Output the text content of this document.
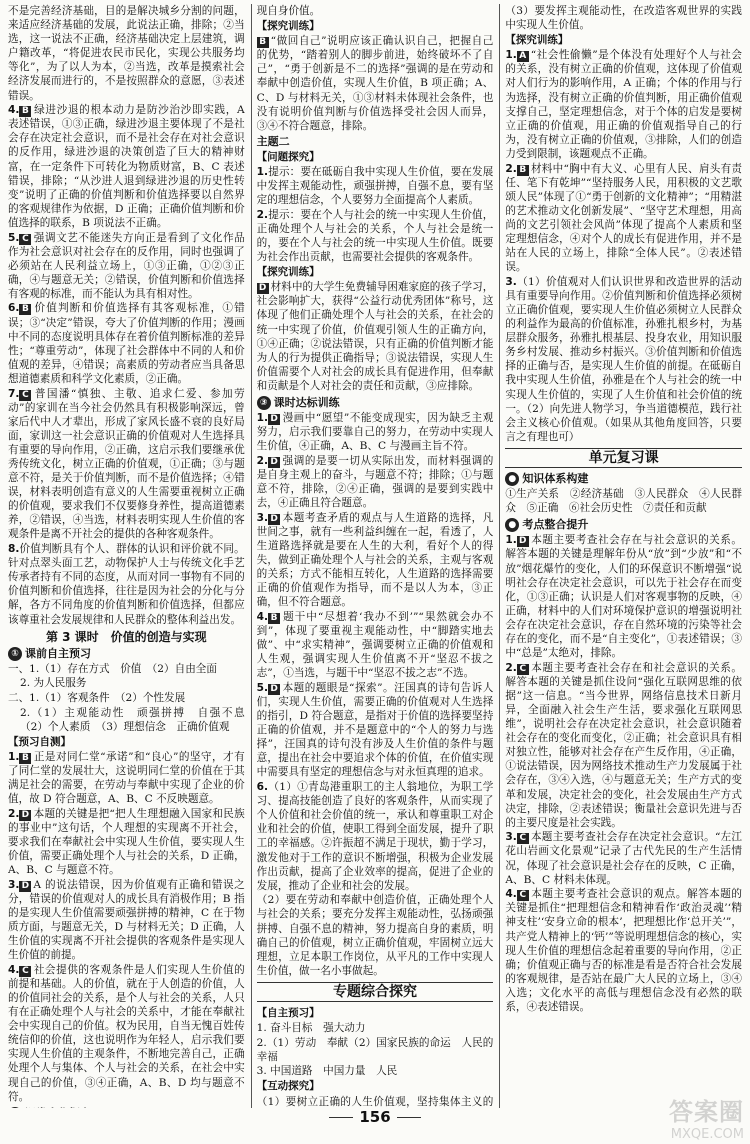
不是完善经济基础，目的是解决城乡分割的问题，来适应经济基础的发展，此说法正确，排除；②当选，这一说法不正确，经济基础决定上层建筑，调户籍改革，“将促进农民市民化，实现公共服务均等化”，为了以人为本，②当选，改革是摸索社会经济发展而进行的，不是按照群众的意愿，③表述错误。

4. B 绿进沙退的根本动力是防沙治沙即实践，A 表述错误，①③正确，绿进沙退主要体现了不是社会存在决定社会意识，而不是社会存在对社会意识的反作用，绿进沙退的决策创造了巨大的精神财富，在一定条件下可转化为物质财富，B、C 表述错误，排除；“从沙进人退到绿进沙退的历史性转变”说明了正确的价值判断和价值选择要以自然界的客观规律作为依据，D 正确；正确价值判断和价值选择的联系，B 项说法不正确。

5. C 强调文艺不能迷失方向正是看到了文化作品作为社会意识对社会存在的反作用，同时也强调了必须站在人民利益立场上，①③正确，①②③正确，④与题意无关；②错误，价值判断和价值选择有客观的标准，而不能认为具有相对性。

6. B 价值判断和价值选择有其客观标准，①错误；③“决定”错误，夸大了价值判断的作用；漫画中不同的态度说明具体存在着价值判断标准的差异性；“尊重劳动”，体现了社会群体中不同的人和价值观的差异，④错误；高素质的劳动者应当具备思想道德素质和科学文化素质，②正确。

7. C 普国潘“慎独、主敬、追求仁爱、参加劳动”的家训在当今社会仍然具有积极影响深远，曾家后代中人才辈出，形成了家风长盛不衰的良好局面，家训这一社会意识正确的价值观对人生选择具有重要的导向作用，②正确，这启示我们要继承优秀传统文化，树立正确的价值观，①正确；③与题意不符，是关于价值判断，而不是价值选择；④错误，材料表明创造有意义的人生需要重视树立正确的价值观，要求我们不仅要修身养性，提高道德素养，②错误，④当选，材料表明实现人生价值的客观条件是离不开社会的提供的各种客观条件。

8.价值判断具有个人、群体的认识和评价就不同。针对点翠头面工艺，动物保护人士与传统文化手艺传承者持有不同的态度，从而对同一事物有不同的价值判断和价值选择，往往是因为社会的分化与分解，各方不同角度的价值判断和价值选择，但都应该尊重社会发展规律和人民群众的整体利益出发。

第 3 课时　价值的创造与实现
① 课前自主预习

一、1.（1）存在方式　价值　（2）自由全面

2. 为人民服务

二、1.（1）客观条件　（2）个性发展

2.（1）主观能动性　顽强拼搏　自强不息　（2）个人素质　（3）理想信念　正确价值观

【预习自测】

1. B 正是对同仁堂“承诺”和“良心”的坚守，才有了同仁堂的发展壮大，这说明同仁堂的价值在于其满足社会的需要，在劳动与奉献中实现了企业的价值，故 D 符合题意，A、B、C 不反映题意。

2. D 本题的关键是把“把人生理想融入国家和民族的事业中”这句话，个人理想的实现离不开社会，要求我们在奉献社会中实现人生价值，要实现人生价值，需要正确处理个人与社会的关系，D 正确，A、B、C 与题意不符。

3. D A 的说法错误，因为价值观有正确和错误之分，错误的价值观对人的成长具有消极作用；B 指的是实现人生价值需要顽强拼搏的精神，C 在于物质方面，与题意无关，D 与材料无关；D 正确，人生价值的实现离不开社会提供的客观条件是实现人生价值的前提。

4. C 社会提供的客观条件是人们实现人生价值的前提和基础。人的价值，就在于人创造的价值，人的价值同社会的关系，是个人与社会的关系，人只有在正确处理个人与社会的关系中，才能在奉献社会中实现自己的价值。权为民用，自当无愧百姓传统信仰的价值，这也说明作为年轻人，启示我们要实现人生价值的主观条件，不断地完善自己，正确处理个人与集体、个人与社会的关系，在社会中实现自己的价值，③④正确，A、B、D 均与题意不符。

现自身价值。

【探究训练】

B “做回自己”说明应该正确认识自己，把握自己的优势，“踏着别人的脚步前进，始终破坏不了自己”，“勇于创新是不二的选择”强调的是在劳动和奉献中创造价值，实现人生价值，B 项正确；A、C、D 与材料无关，①③材料未体现社会条件，也没有说明价值判断与价值选择受社会因人而异，③④不符合题意，排除。

主题二
【问题探究】

1.提示：要在砥砺自我中实现人生价值，要在发展中发挥主观能动性，顽强拼搏，自强不息，要有坚定的理想信念，个人要努力全面提高个人素质。

2.提示：要在个人与社会的统一中实现人生价值，正确处理个人与社会的关系，个人与社会是统一的，要在个人与社会的统一中实现人生价值。既要为社会作出贡献，也需要社会提供的客观条件。

【探究训练】

D 材料中的大学生免费辅导困难家庭的孩子学习，社会影响扩大，获得“公益行动优秀团体”称号，这体现了他们正确处理个人与社会的关系，在社会的统一中实现了价值，价值观引领人生的正确方向，①④正确；②说法错误，只有正确的价值判断才能为人的行为提供正确指导；③说法错误，实现人生价值需要个人对社会的成长具有促进作用，但奉献和贡献是个人对社会的责任和贡献，③应排除。

③ 课时达标训练

1. D 漫画中“愿望”不能变成现实，因为缺乏主观努力，启示我们要靠自己的努力，在劳动中实现人生价值，④正确，A、B、C 与漫画主旨不符。

2. D 强调的是要一切从实际出发，而材料强调的是自身主观上的奋斗，与题意不符；排除；①与题意不符，排除，②④正确，强调的是要到实践中去，④正确且符合题意。

3. D 本题考查矛盾的观点与人生道路的选择，凡世间之事，就有一些利益纠缠在一起，看透了，人生道路选择就是要在人生的大利，看好个人的得失，做到正确处理个人与社会的关系，主观与客观的关系；方式不能相互转化，人生道路的选择需要正确的价值观作为指导，而不是以人为本，③正确，但不符合题意。

4. B 题干中“尽想着‘我办不到’”“果然就会办不到”，体现了要重视主观能动性，中“脚踏实地去做”、中“求实精神”，强调要树立正确的价值观和人生观，强调实现人生价值离不开“坚忍不拔之志”，①当选，与题干中“坚忍不拔之志”不选。

5. D 本题的题眼是“探索”。汪国真的诗句告诉人们，实现人生价值，需要正确的价值观对人生选择的指引，D 符合题意，是指对于价值的选择要坚持正确的价值观，并不是题意中的“个人的努力与选择”，汪国真的诗句没有涉及人生价值的条件与题意，提出在社会中要追求个体的价值，在价值实现中需要具有坚定的理想信念与对永恒真理的追求。

6.（1）①青岛港重职工的主人翁地位，为职工学习、提高技能创造了良好的客观条件，从而实现了个人价值和社会价值的统一，承认和尊重职工对企业和社会的价值，使职工得到全面发展，提升了职工的幸福感。②许振超不满足于现状，勤于学习，激发他对于工作的意识不断增强，积极为企业发展作出贡献，提高了企业效率的提高，促进了企业的发展，推动了企业和社会的发展。

（2）要在劳动和奉献中创造价值，正确处理个人与社会的关系；要充分发挥主观能动性，弘扬顽强拼搏、自强不息的精神，努力提高自身的素质，明确自己的价值观，树立正确价值观，牢固树立远大理想，立足本职工作岗位，从平凡的工作中实现人生价值，做一名小事做起。

专题综合探究
【自主预习】

1. 奋斗目标　强大动力

2.（1）劳动　奉献（2）国家民族的命运　人民的幸福

3. 中国道路　中国力量　人民

【互动探究】

（1）要树立正确的人生价值观，坚持集体主义的

（3）要发挥主观能动性，在改造客观世界的实践中实现人生价值。

【探究训练】

1. A “社会性偷懒”是个体没有处理好个人与社会的关系，没有树立正确的价值观，这体现了价值观对人们行为的影响作用，A 正确；个体的作用与行为选择，没有树立正确的价值判断，用正确价值观支撑自己，坚定理想信念，对于个体的启发是要树立正确的价值观，用正确的价值观指导自己的行为，没有树立正确的价值观，③排除，人们的创造力受到限制，该题观点不正确。

2. B 材料中“胸中有大义、心里有人民、肩头有责任、笔下有乾坤”“坚持服务人民，用积极的文艺歌颂人民”体现了①“勇于创新的文化精神”；“用精湛的艺术推动文化创新发展”、“坚守艺术理想，用高尚的文艺引领社会风尚”体现了提高个人素质和坚定理想信念，④对个人的成长有促进作用，并不是站在人民的立场上，排除“全体人民”。②表述错误。

3.（1）价值观对人们认识世界和改造世界的活动具有重要导向作用。②价值判断和价值选择必须树立正确价值观，要实现人生价值必须树立人民群众的利益作为最高的价值标准，孙雅扎根乡村，为基层群众服务，孙雅扎根基层、投身农业，用知识服务乡村发展、推动乡村振兴。③价值判断和价值选择的正确与否，是实现人生价值的前提。在砥砺自我中实现人生价值，孙雅是在个人与社会的统一中实现人生价值的，实现了人生价值和社会价值的统一。（2）向先进人物学习，争当道德模范，践行社会主义核心价值观。（如果从其他角度回答，只要言之有理也可）

单元复习课
● 知识体系构建

①生产关系　②经济基础　③人民群众　④人民群众　⑤正确　⑥社会历史性　⑦责任和贡献

● 考点整合提升

1. D 本题主要考查社会存在与社会意识的关系。解答本题的关键是理解年份从“放”到“少放”和“不放”烟花爆竹的变化，人们的环保意识不断增强“说明社会存在决定社会意识，可以先于社会存在而变化，①③正确；认识是人们对客观事物的反映，④正确，材料中的人们对环境保护意识的增强说明社会存在决定社会意识，存在自然环境的污染等社会存在的变化，而不是“自主变化”，①表述错误；③中“总是”太绝对，排除。

2. C 本题主要考查社会存在和社会意识的关系。解答本题的关键是抓住设问“强化互联网思维的依据”这一信息。“当今世界，网络信息技术日新月异，全面融入社会生产生活，要求强化互联网思维”，说明社会存在决定社会意识，社会意识随着社会存在的变化而变化，②正确；社会意识具有相对独立性，能够对社会存在产生反作用，④正确，①说法错误，因为网络技术推动生产力发展属于社会存在，③④入选，④与题意无关；生产方式的变革和发展，决定社会的变化，社会发展由生产方式决定，排除，②表述错误；衡量社会意识先进与否的主要尺度是社会实践。

3. C 本题主要考查社会存在决定社会意识。“左江花山岩画文化景观”记录了古代先民的生产生活情况，体现了社会意识是社会存在的反映，C 正确，A、B、C 材料未体现。

4. C 本题主要考查社会意识的观点。解答本题的关键是抓住“把理想信念和精神看作‘政治灵魂’‘精神支柱’‘安身立命的根本’，把理想比作‘总开关’”，共产党人精神上的‘钙’”等说明理想信念的核心，实现人生价值的理想信念起着重要的导向作用，②正确；价值观正确与否的标准是看是否符合社会发展的客观规律，是否站在最广大人民的立场上，③④入选；文化水平的高低与理想信念没有必然的联系，④表述错误。

156	答案圈
MXQE.COM
